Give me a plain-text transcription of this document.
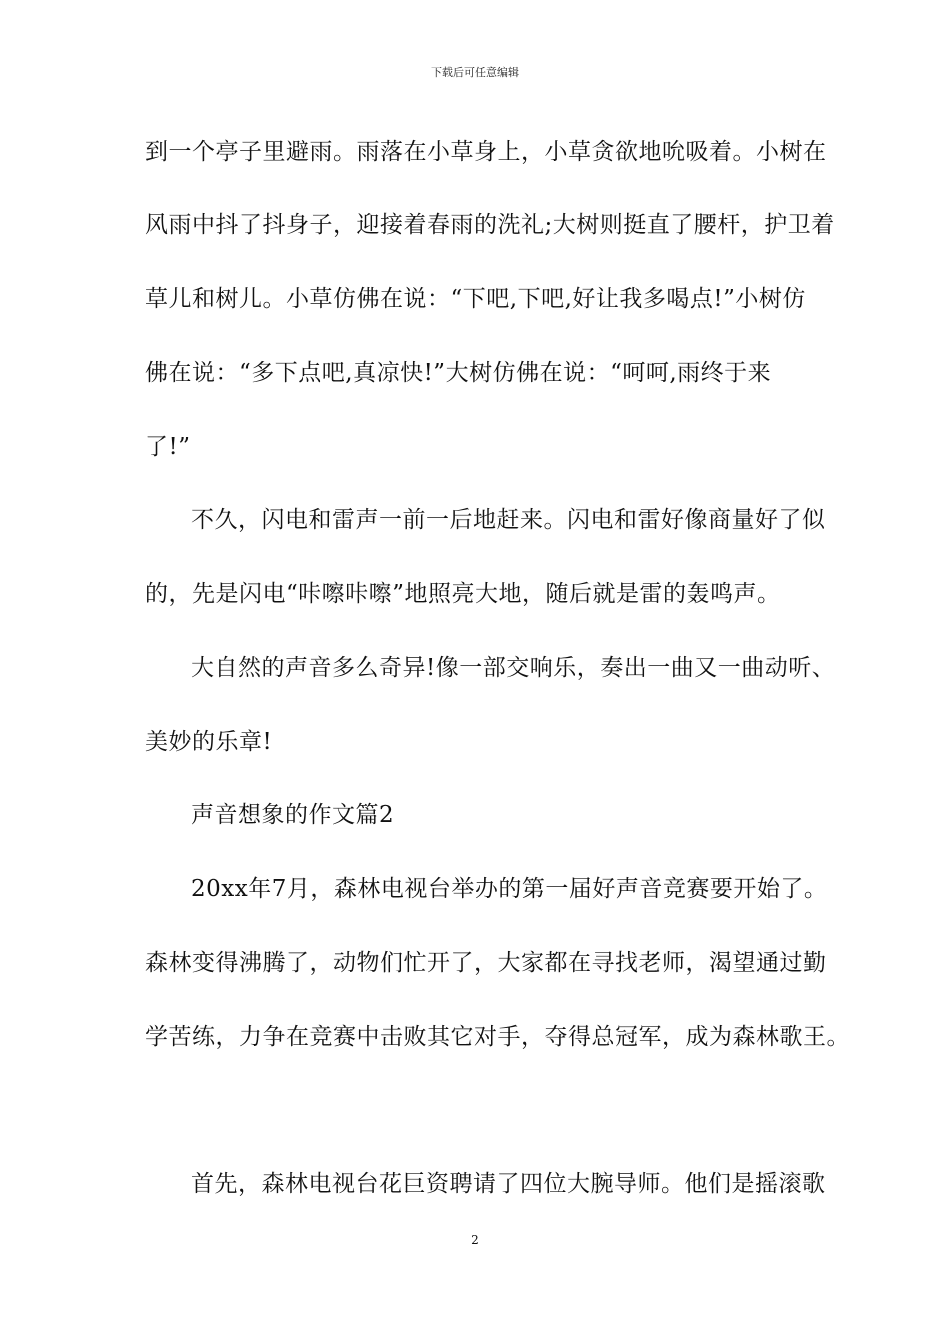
下载后可任意编辑
到一个亭子里避雨。雨落在小草身上，小草贪欲地吮吸着。小树在
风雨中抖了抖身子，迎接着春雨的洗礼;大树则挺直了腰杆，护卫着
草儿和树儿。小草仿佛在说：“下吧,下吧,好让我多喝点!”小树仿
佛在说：“多下点吧,真凉快!”大树仿佛在说：“呵呵,雨终于来
了!”
不久，闪电和雷声一前一后地赶来。闪电和雷好像商量好了似
的，先是闪电“咔嚓咔嚓”地照亮大地，随后就是雷的轰鸣声。
大自然的声音多么奇异!像一部交响乐，奏出一曲又一曲动听、
美妙的乐章!
声音想象的作文篇2
20xx年7月，森林电视台举办的第一届好声音竞赛要开始了。
森林变得沸腾了，动物们忙开了，大家都在寻找老师，渴望通过勤
学苦练，力争在竞赛中击败其它对手，夺得总冠军，成为森林歌王。
首先，森林电视台花巨资聘请了四位大腕导师。他们是摇滚歌
2
